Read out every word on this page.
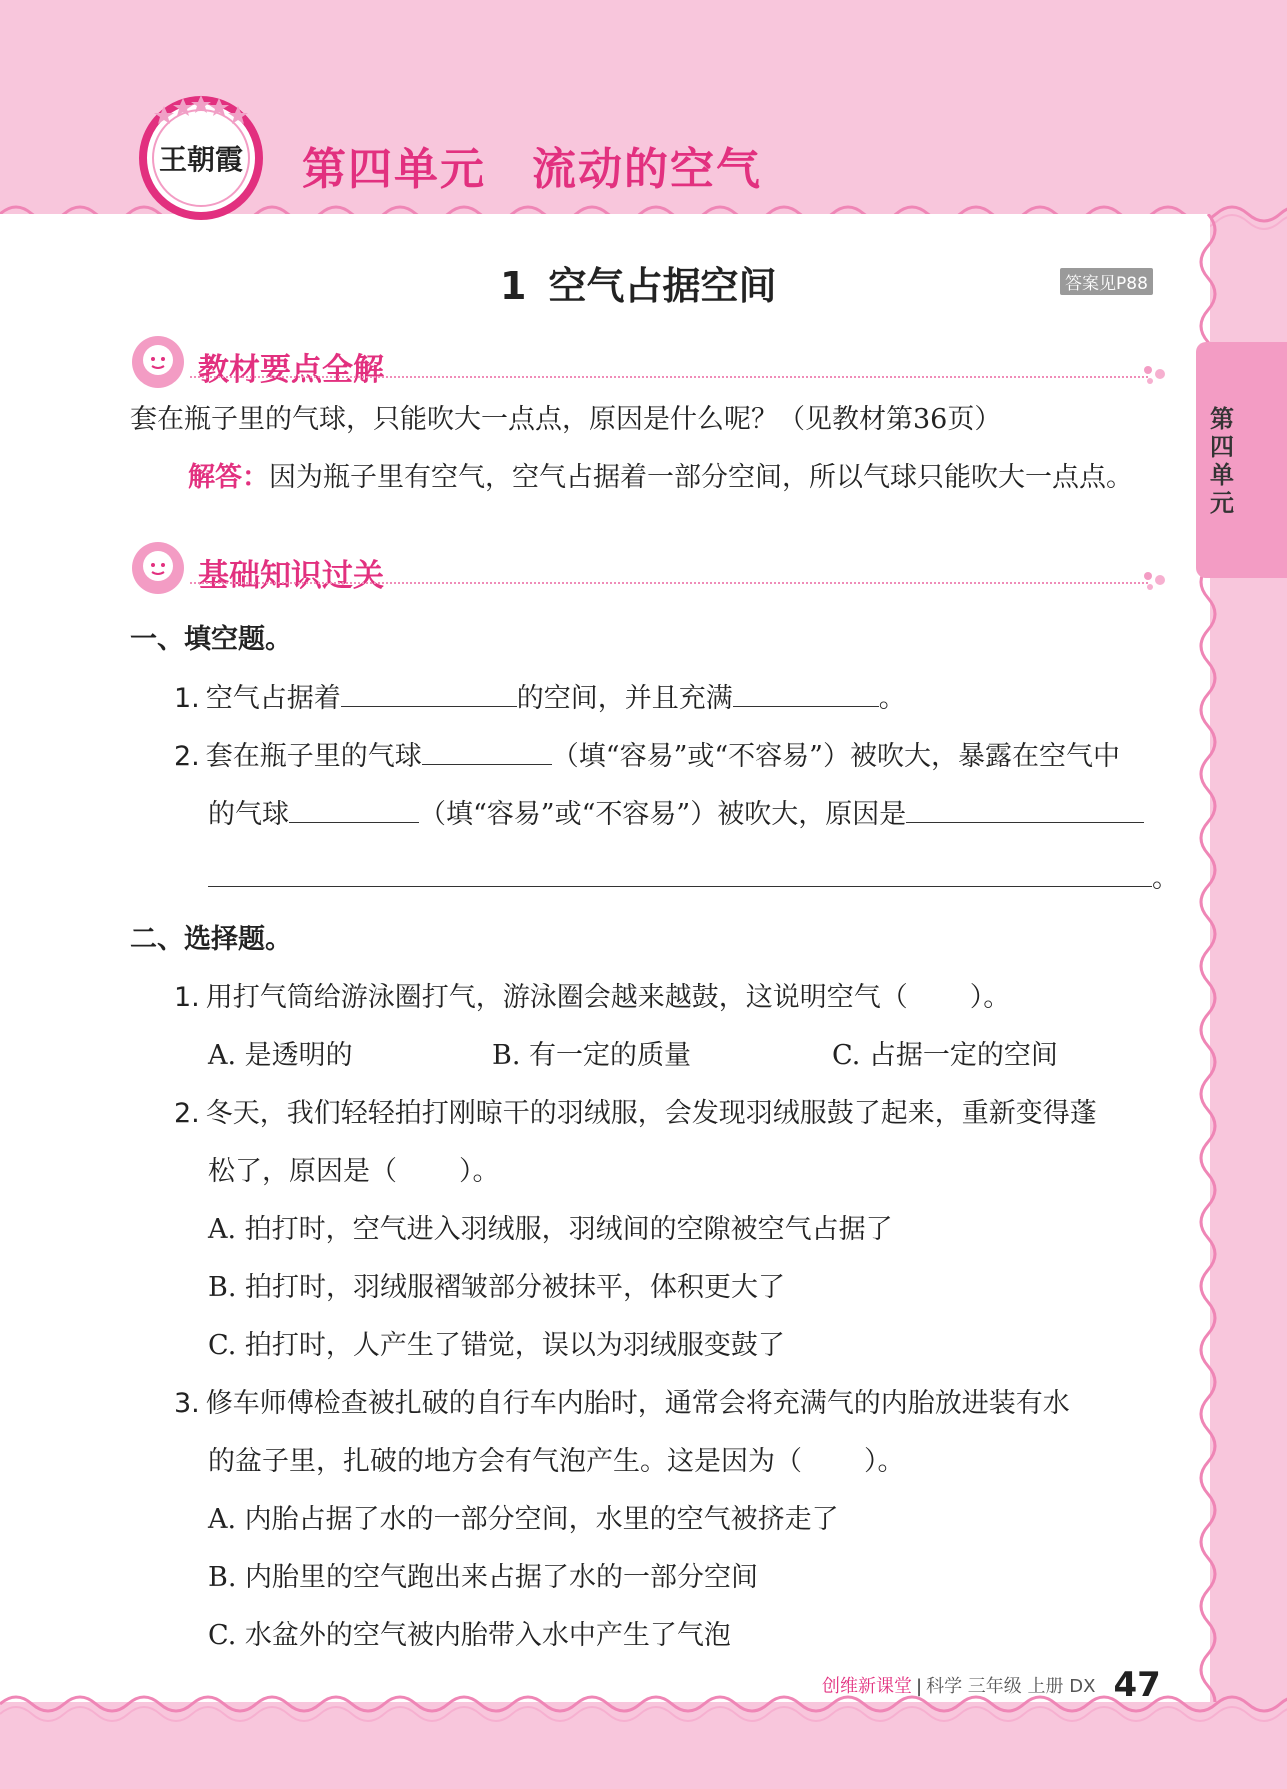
王朝霞 第四单元 流动的空气
第四单元
1 空气占据空间	答案见P88
教材要点全解
套在瓶子里的气球，只能吹大一点点，原因是什么呢？（见教材第36页）
解答：因为瓶子里有空气，空气占据着一部分空间，所以气球只能吹大一点点。
基础知识过关
一、填空题。
1. 空气占据着	的空间，并且充满	。
2. 套在瓶子里的气球	（填“容易”或“不容易”）被吹大，暴露在空气中
的气球	（填“容易”或“不容易”）被吹大，原因是
。
二、选择题。
1. 用打气筒给游泳圈打气，游泳圈会越来越鼓，这说明空气（ ）。
A. 是透明的	B. 有一定的质量	C. 占据一定的空间
2. 冬天，我们轻轻拍打刚晾干的羽绒服，会发现羽绒服鼓了起来，重新变得蓬
松了，原因是（ ）。
A. 拍打时，空气进入羽绒服，羽绒间的空隙被空气占据了
B. 拍打时，羽绒服褶皱部分被抹平，体积更大了
C. 拍打时，人产生了错觉，误以为羽绒服变鼓了
3. 修车师傅检查被扎破的自行车内胎时，通常会将充满气的内胎放进装有水
的盆子里，扎破的地方会有气泡产生。这是因为（ ）。
A. 内胎占据了水的一部分空间，水里的空气被挤走了
B. 内胎里的空气跑出来占据了水的一部分空间
C. 水盆外的空气被内胎带入水中产生了气泡
创维新课堂 | 科学 三年级 上册 DX 47
